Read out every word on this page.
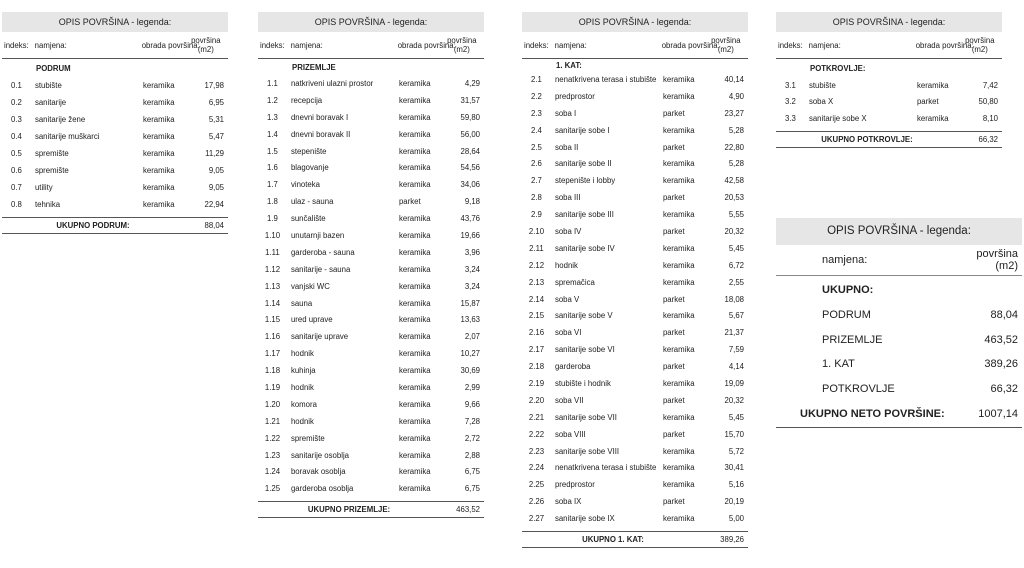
OPIS POVRŠINA - legenda:
indeks: namjena:	obrada površina:
površina (m2)
PODRUM
0.1	stubište	keramika	17,98
0.2	sanitarije	keramika	6,95
0.3	sanitarije žene	keramika	5,31
0.4	sanitarije muškarci	keramika	5,47
0.5	spremište	keramika	11,29
0.6	spremište	keramika	9,05
0.7	utility	keramika	9,05
0.8	tehnika	keramika	22,94
UKUPNO PODRUM:	88,04
OPIS POVRŠINA - legenda:
indeks: namjena:	obrada površina:
površina (m2)
PRIZEMLJE
1.1	natkriveni ulazni prostor	keramika	4,29
1.2	recepcija	keramika	31,57
1.3	dnevni boravak I	keramika	59,80
1.4	dnevni boravak II	keramika	56,00
1.5	stepenište	keramika	28,64
1.6	blagovanje	keramika	54,56
1.7	vinoteka	keramika	34,06
1.8	ulaz - sauna	parket	9,18
1.9	sunčalište	keramika	43,76
1.10	unutarnji bazen	keramika	19,66
1.11	garderoba - sauna	keramika	3,96
1.12	sanitarije - sauna	keramika	3,24
1.13	vanjski WC	keramika	3,24
1.14	sauna	keramika	15,87
1.15	ured uprave	keramika	13,63
1.16	sanitarije uprave	keramika	2,07
1.17	hodnik	keramika	10,27
1.18	kuhinja	keramika	30,69
1.19	hodnik	keramika	2,99
1.20	komora	keramika	9,66
1.21	hodnik	keramika	7,28
1.22	spremište	keramika	2,72
1.23	sanitarije osoblja	keramika	2,88
1.24	boravak osoblja	keramika	6,75
1.25	garderoba osoblja	keramika	6,75
UKUPNO PRIZEMLJE:	463,52
OPIS POVRŠINA - legenda:
indeks: namjena:	obrada površina:
površina (m2)
1. KAT:
2.1	nenatkrivena terasa i stubište keramika	40,14
2.2	predprostor	keramika	4,90
2.3	soba I	parket	23,27
2.4	sanitarije sobe I	keramika	5,28
2.5	soba II	parket	22,80
2.6	sanitarije sobe II	keramika	5,28
2.7	stepenište i lobby	keramika	42,58
2.8	soba III	parket	20,53
2.9	sanitarije sobe III	keramika	5,55
2.10	soba IV	parket	20,32
2.11	sanitarije sobe IV	keramika	5,45
2.12	hodnik	keramika	6,72
2.13	spremačica	keramika	2,55
2.14	soba V	parket	18,08
2.15	sanitarije sobe V	keramika	5,67
2.16	soba VI	parket	21,37
2.17	sanitarije sobe VI	keramika	7,59
2.18	garderoba	parket	4,14
2.19	stubište i hodnik	keramika	19,09
2.20	soba VII	parket	20,32
2.21	sanitarije sobe VII	keramika	5,45
2.22	soba VIII	parket	15,70
2.23	sanitarije sobe VIII	keramika	5,72
2.24	nenatkrivena terasa i stubište keramika	30,41
2.25	predprostor	keramika	5,16
2.26	soba IX	parket	20,19
2.27	sanitarije sobe IX	keramika	5,00
UKUPNO 1. KAT:	389,26
OPIS POVRŠINA - legenda:
indeks: namjena:	obrada površina:
površina (m2)
POTKROVLJE:
3.1	stubište	keramika	7,42
3.2	soba X	parket	50,80
3.3	sanitarije sobe X	keramika	8,10
UKUPNO POTKROVLJE:	66,32
OPIS POVRŠINA - legenda:
namjena:	površina (m2)
UKUPNO:
PODRUM	88,04
PRIZEMLJE	463,52
1. KAT	389,26
POTKROVLJE	66,32
UKUPNO NETO POVRŠINE:	1007,14
